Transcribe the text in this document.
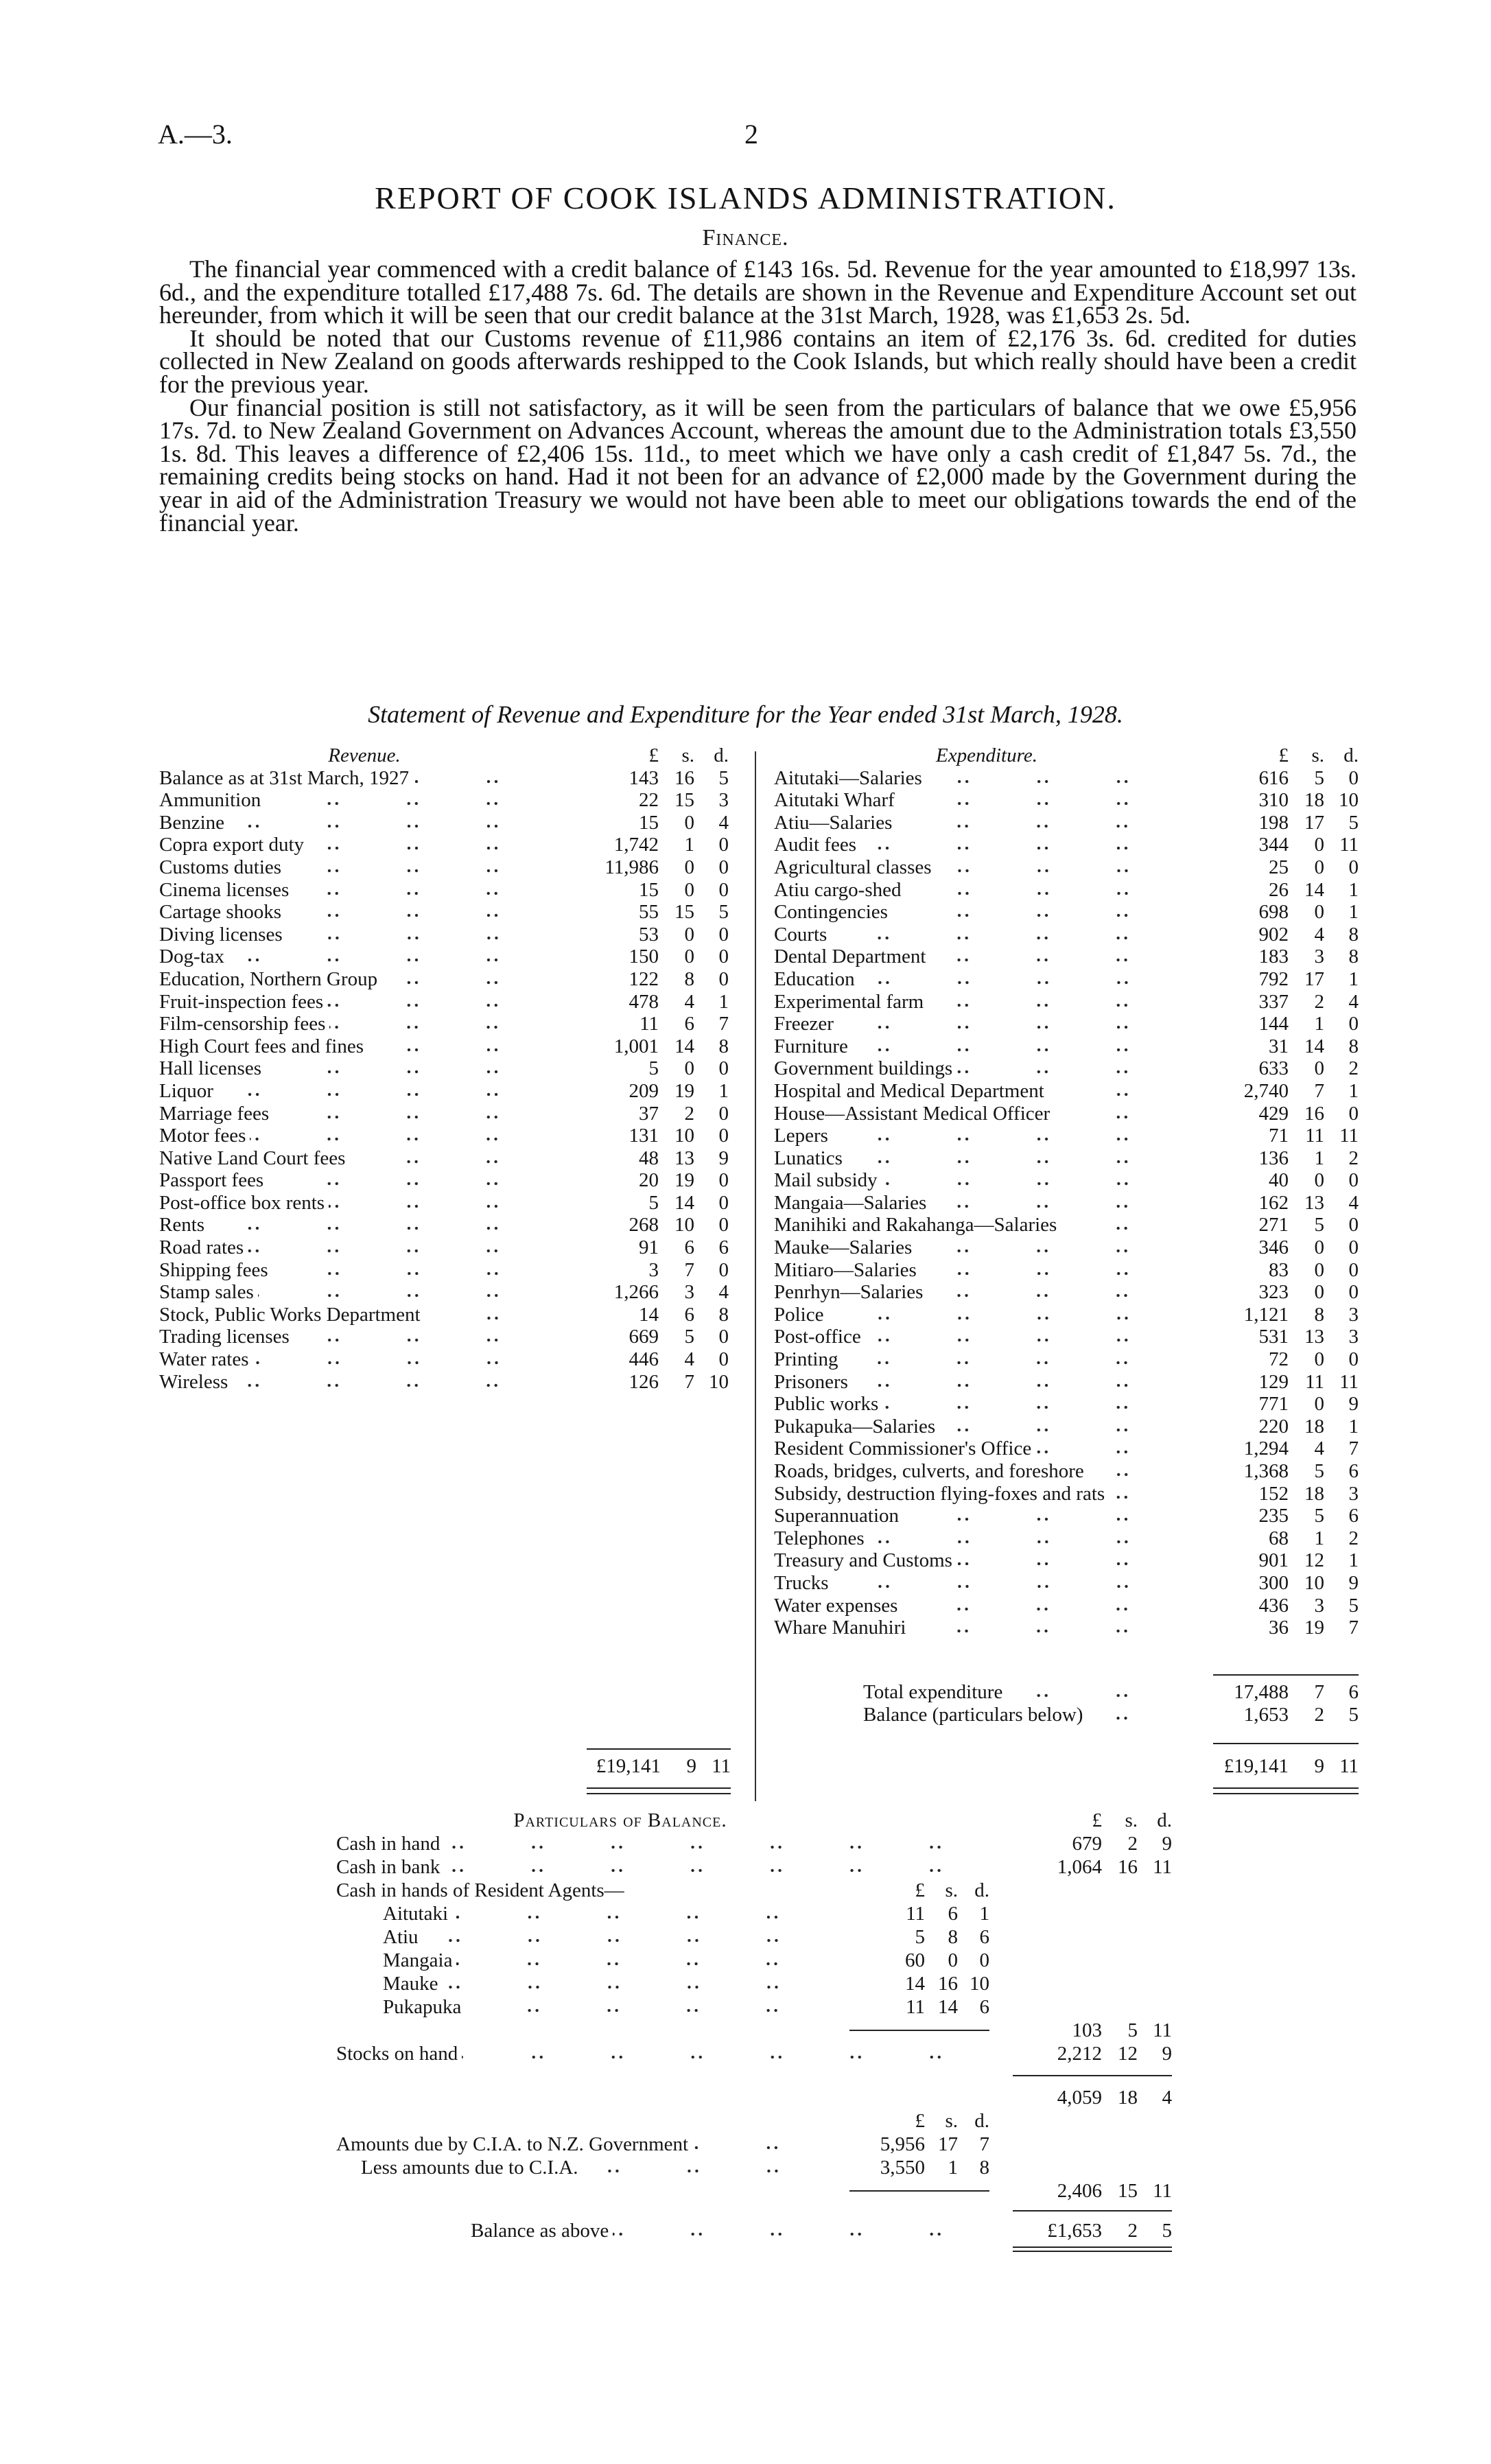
A.—3.	2
REPORT OF COOK ISLANDS ADMINISTRATION.
Finance.

The financial year commenced with a credit balance of £143 16s. 5d. Revenue for the year amounted to £18,997 13s. 6d., and the expenditure totalled £17,488 7s. 6d. The details are shown in the Revenue and Expenditure Account set out hereunder, from which it will be seen that our credit balance at the 31st March, 1928, was £1,653 2s. 5d.

It should be noted that our Customs revenue of £11,986 contains an item of £2,176 3s. 6d. credited for duties collected in New Zealand on goods afterwards reshipped to the Cook Islands, but which really should have been a credit for the previous year.

Our financial position is still not satisfactory, as it will be seen from the particulars of balance that we owe £5,956 17s. 7d. to New Zealand Government on Advances Account, whereas the amount due to the Administration totals £3,550 1s. 8d. This leaves a difference of £2,406 15s. 11d., to meet which we have only a cash credit of £1,847 5s. 7d., the remaining credits being stocks on hand. Had it not been for an advance of £2,000 made by the Government during the year in aid of the Administration Treasury we would not have been able to meet our obligations towards the end of the financial year.

Statement of Revenue and Expenditure for the Year ended 31st March, 1928.
Revenue.	£	s. d.
Balance as at 31st March, 1927	143 16	5
Ammunition	22 15	3
Benzine	15	0	4
Copra export duty	1,742	1	0
Customs duties	11,986	0	0
Cinema licenses	15	0	0
Cartage shooks	55 15	5
Diving licenses	53	0	0
Dog-tax	150	0	0
Education, Northern Group	122	8	0
Fruit-inspection fees	478	4	1
Film-censorship fees	11	6	7
High Court fees and fines	1,001 14	8
Hall licenses	5	0	0
Liquor	209 19	1
Marriage fees	37	2	0
Motor fees	131 10	0
Native Land Court fees	48 13	9
Passport fees	20 19	0
Post-office box rents	5 14	0
Rents	268 10	0
Road rates	91	6	6
Shipping fees	3	7	0
Stamp sales	1,266	3	4
Stock, Public Works Department	14	6	8
Trading licenses	669	5	0
Water rates	446	4	0
Wireless	126	7 10
Expenditure.	£	s. d.
Aitutaki—Salaries	616	5	0
Aitutaki Wharf	310 18 10
Atiu—Salaries	198 17	5
Audit fees	344	0 11
Agricultural classes	25	0	0
Atiu cargo-shed	26 14	1
Contingencies	698	0	1
Courts	902	4	8
Dental Department	183	3	8
Education	792 17	1
Experimental farm	337	2	4
Freezer	144	1	0
Furniture	31 14	8
Government buildings	633	0	2
Hospital and Medical Department	2,740	7	1
House—Assistant Medical Officer	429 16	0
Lepers	71 11 11
Lunatics	136	1	2
Mail subsidy	40	0	0
Mangaia—Salaries	162 13	4
Manihiki and Rakahanga—Salaries	271	5	0
Mauke—Salaries	346	0	0
Mitiaro—Salaries	83	0	0
Penrhyn—Salaries	323	0	0
Police	1,121	8	3
Post-office	531 13	3
Printing	72	0	0
Prisoners	129 11 11
Public works	771	0	9
Pukapuka—Salaries	220 18	1
Resident Commissioner's Office	1,294	4	7
Roads, bridges, culverts, and foreshore	1,368	5	6
Subsidy, destruction flying-foxes and rats	152 18	3
Superannuation	235	5	6
Telephones	68	1	2
Treasury and Customs	901 12	1
Trucks	300 10	9
Water expenses	436	3	5
Whare Manuhiri	36 19	7
£19,141	9 11
Total expenditure	17,488	7	6
Balance (particulars below)	1,653	2	5
£19,141	9 11
Particulars of Balance.	£	s. d.
Cash in hand	679	2	9
Cash in bank	1,064 16 11
Cash in hands of Resident Agents—	£	s. d.
Aitutaki	11	6	1
Atiu	5	8	6
Mangaia	60	0	0
Mauke	14 16 10
Pukapuka	11 14	6
103	5 11
Stocks on hand	2,212 12	9
4,059 18	4
£	s. d.
Amounts due by C.I.A. to N.Z. Government	5,956 17	7
Less amounts due to C.I.A.	3,550	1	8
2,406 15 11
Balance as above	£1,653	2	5
